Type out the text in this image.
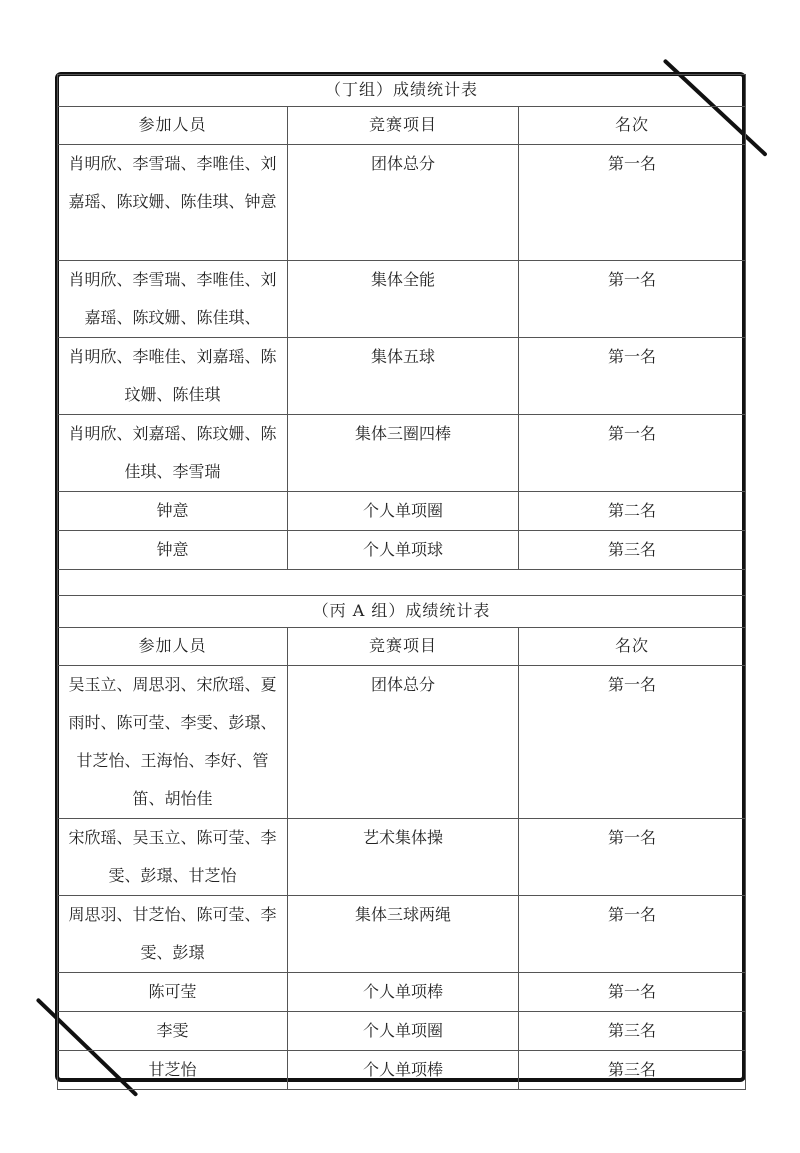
（丁组）成绩统计表		
参加人员	竞赛项目	名次

肖明欣、李雪瑞、李唯佳、刘嘉瑶、陈玟姗、陈佳琪、钟意	团体总分	第一名

肖明欣、李雪瑞、李唯佳、刘嘉瑶、陈玟姗、陈佳琪、	集体全能	第一名

肖明欣、李唯佳、刘嘉瑶、陈玟姗、陈佳琪	集体五球	第一名

肖明欣、刘嘉瑶、陈玟姗、陈佳琪、李雪瑞	集体三圈四棒	第一名
钟意	个人单项圈	第二名
钟意	个人单项球	第三名

（丙 A 组）成绩统计表		
参加人员	竞赛项目	名次

吴玉立、周思羽、宋欣瑶、夏雨时、陈可莹、李雯、彭璟、甘芝怡、王海怡、李好、管笛、胡怡佳	团体总分	第一名

宋欣瑶、吴玉立、陈可莹、李雯、彭璟、甘芝怡	艺术集体操	第一名

周思羽、甘芝怡、陈可莹、李雯、彭璟	集体三球两绳	第一名
陈可莹	个人单项棒	第一名
李雯	个人单项圈	第三名
甘芝怡	个人单项棒	第三名
